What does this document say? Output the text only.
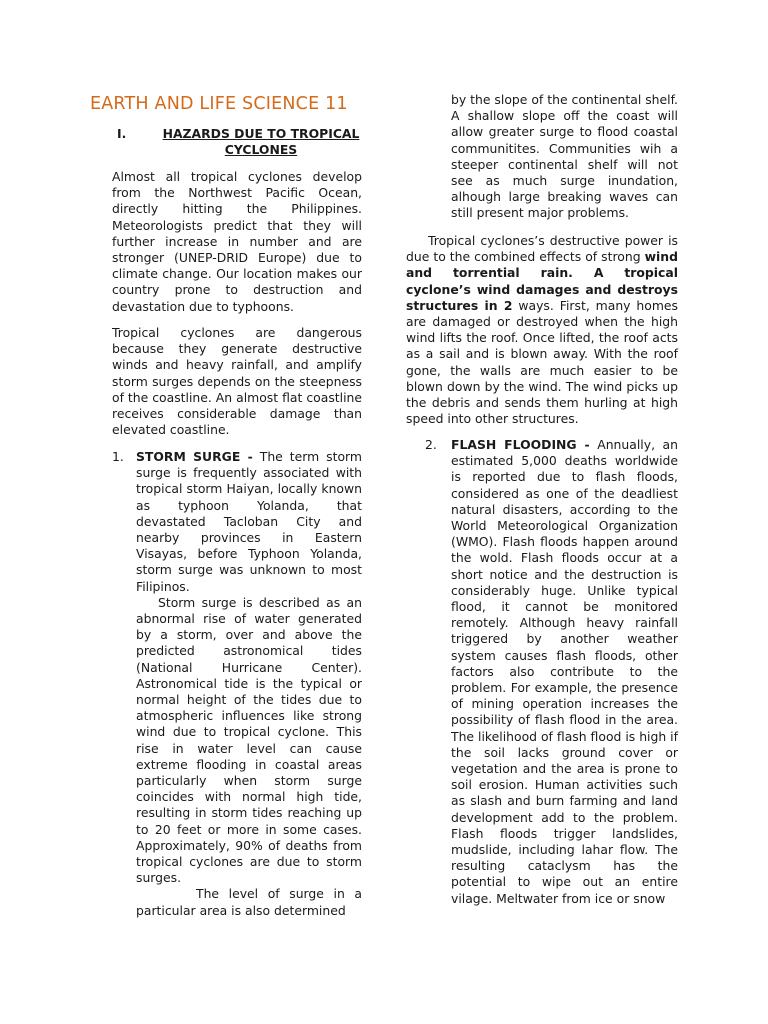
EARTH AND LIFE SCIENCE 11
I.	HAZARDS DUE TO TROPICAL CYCLONES

Almost all tropical cyclones develop from the Northwest Pacific Ocean, directly hitting the Philippines. Meteorologists predict that they will further increase in number and are stronger (UNEP-DRID Europe) due to climate change. Our location makes our country prone to destruction and devastation due to typhoons.

Tropical cyclones are dangerous because they generate destructive winds and heavy rainfall, and amplify storm surges depends on the steepness of the coastline. An almost flat coastline receives considerable damage than elevated coastline.

1. STORM SURGE - The term storm surge is frequently associated with tropical storm Haiyan, locally known as typhoon Yolanda, that devastated Tacloban City and nearby provinces in Eastern Visayas, before Typhoon Yolanda, storm surge was unknown to most Filipinos.

Storm surge is described as an abnormal rise of water generated by a storm, over and above the predicted astronomical tides (National Hurricane Center). Astronomical tide is the typical or normal height of the tides due to atmospheric influences like strong wind due to tropical cyclone. This rise in water level can cause extreme flooding in coastal areas particularly when storm surge coincides with normal high tide, resulting in storm tides reaching up to 20 feet or more in some cases. Approximately, 90% of deaths from tropical cyclones are due to storm surges.

The level of surge in a particular area is also determined

by the slope of the continental shelf. A shallow slope off the coast will allow greater surge to flood coastal communitites. Communities wih a steeper continental shelf will not see as much surge inundation, alhough large breaking waves can still present major problems.

Tropical cyclones’s destructive power is due to the combined effects of strong wind and torrential rain. A tropical cyclone’s wind damages and destroys structures in 2 ways. First, many homes are damaged or destroyed when the high wind lifts the roof. Once lifted, the roof acts as a sail and is blown away. With the roof gone, the walls are much easier to be blown down by the wind. The wind picks up the debris and sends them hurling at high speed into other structures.

2. FLASH FLOODING - Annually, an estimated 5,000 deaths worldwide is reported due to flash floods, considered as one of the deadliest natural disasters, according to the World Meteorological Organization (WMO). Flash floods happen around the wold. Flash floods occur at a short notice and the destruction is considerably huge. Unlike typical flood, it cannot be monitored remotely. Although heavy rainfall triggered by another weather system causes flash floods, other factors also contribute to the problem. For example, the presence of mining operation increases the possibility of flash flood in the area. The likelihood of flash flood is high if the soil lacks ground cover or vegetation and the area is prone to soil erosion. Human activities such as slash and burn farming and land development add to the problem. Flash floods trigger landslides, mudslide, including lahar flow. The resulting cataclysm has the potential to wipe out an entire vilage. Meltwater from ice or snow
